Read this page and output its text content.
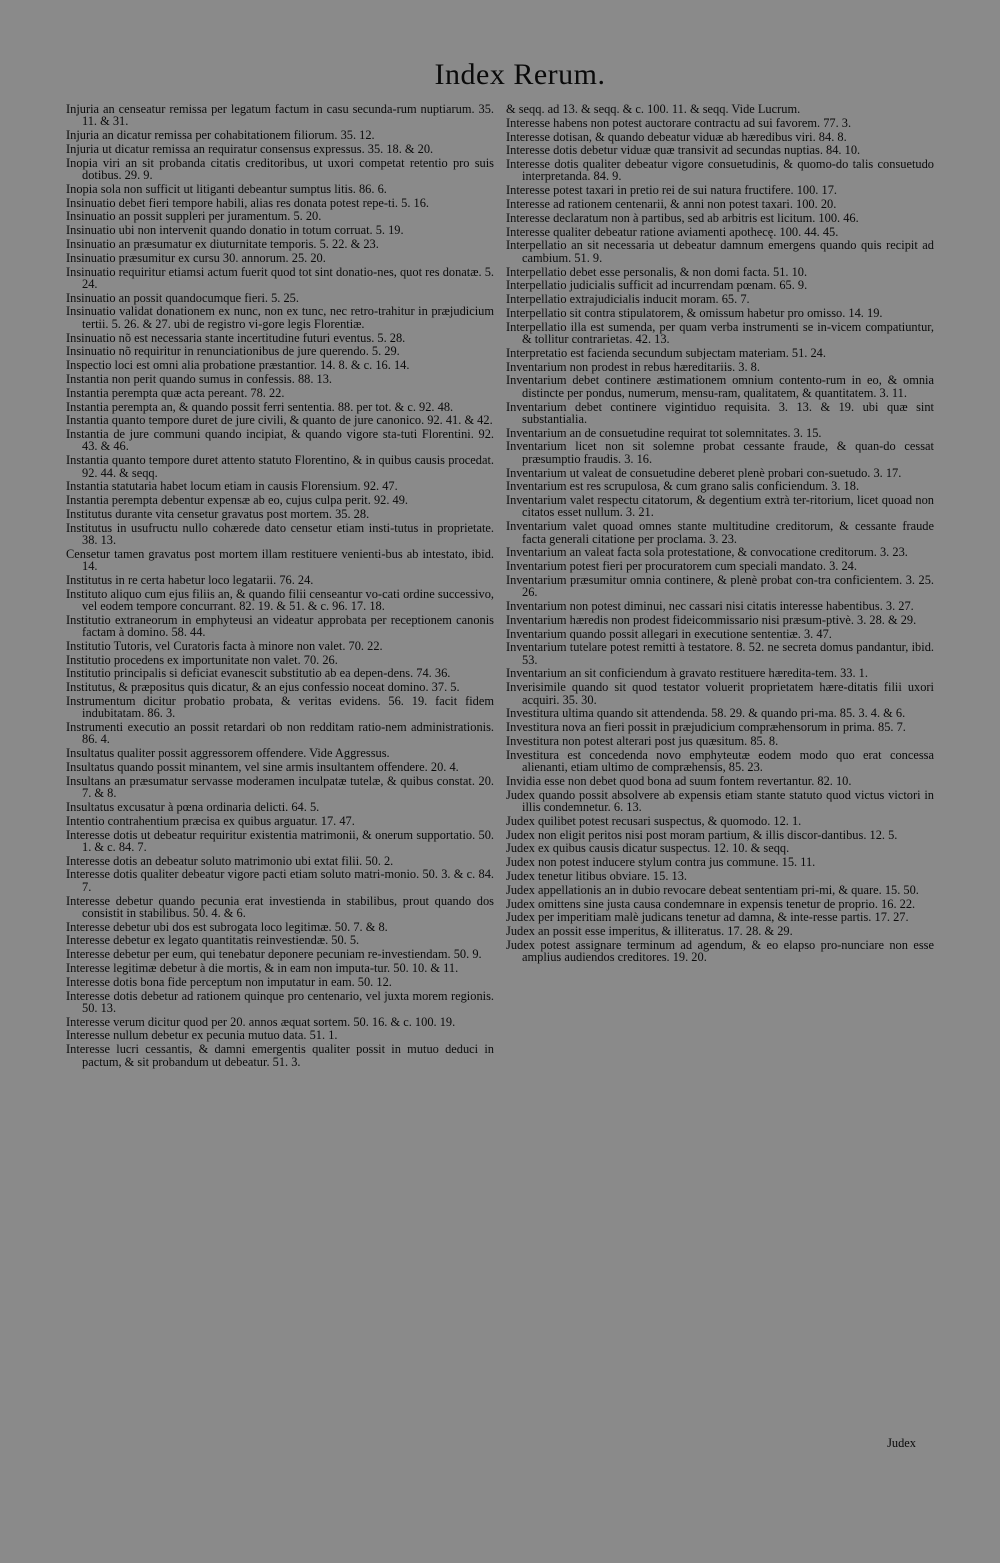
Index Rerum.
Injuria an censeatur remissa per legatum factum in casu secunda-rum nuptiarum. 35. 11. & 31.
Injuria an dicatur remissa per cohabitationem filiorum. 35. 12.
Injuria ut dicatur remissa an requiratur consensus expressus. 35. 18. & 20.
Inopia viri an sit probanda citatis creditoribus, ut uxori competat retentio pro suis dotibus. 29. 9.
Inopia sola non sufficit ut litiganti debeantur sumptus litis. 86. 6.
Insinuatio debet fieri tempore habili, alias res donata potest repe-ti. 5. 16.
Insinuatio an possit suppleri per juramentum. 5. 20.
Insinuatio ubi non intervenit quando donatio in totum corruat. 5. 19.
Insinuatio an præsumatur ex diuturnitate temporis. 5. 22. & 23.
Insinuatio præsumitur ex cursu 30. annorum. 25. 20.
Insinuatio requiritur etiamsi actum fuerit quod tot sint donatio-nes, quot res donatæ. 5. 24.
Insinuatio an possit quandocumque fieri. 5. 25.
Insinuatio validat donationem ex nunc, non ex tunc, nec retro-trahitur in præjudicium tertii. 5. 26. & 27. ubi de registro vi-gore legis Florentiæ.
Insinuatio nõ est necessaria stante incertitudine futuri eventus. 5. 28.
Insinuatio nõ requiritur in renunciationibus de jure querendo. 5. 29.
Inspectio loci est omni alia probatione præstantior. 14. 8. & c. 16. 14.
Instantia non perit quando sumus in confessis. 88. 13.
Instantia perempta quæ acta pereant. 78. 22.
Instantia perempta an, & quando possit ferri sententia. 88. per tot. & c. 92. 48.
Instantia quanto tempore duret de jure civili, & quanto de jure canonico. 92. 41. & 42.
Instantia de jure communi quando incipiat, & quando vigore sta-tuti Florentini. 92. 43. & 46.
Instantia quanto tempore duret attento statuto Florentino, & in quibus causis procedat. 92. 44. & seqq.
Instantia statutaria habet locum etiam in causis Florensium. 92. 47.
Instantia perempta debentur expensæ ab eo, cujus culpa perit. 92. 49.
Institutus durante vita censetur gravatus post mortem. 35. 28.
Institutus in usufructu nullo cohærede dato censetur etiam insti-tutus in proprietate. 38. 13.
Censetur tamen gravatus post mortem illam restituere venienti-bus ab intestato, ibid. 14.
Institutus in re certa habetur loco legatarii. 76. 24.
Instituto aliquo cum ejus filiis an, & quando filii censeantur vo-cati ordine successivo, vel eodem tempore concurrant. 82. 19. & 51. & c. 96. 17. 18.
Institutio extraneorum in emphyteusi an videatur approbata per receptionem canonis factam à domino. 58. 44.
Institutio Tutoris, vel Curatoris facta à minore non valet. 70. 22.
Institutio procedens ex importunitate non valet. 70. 26.
Institutio principalis si deficiat evanescit substitutio ab ea depen-dens. 74. 36.
Institutus, & præpositus quis dicatur, & an ejus confessio noceat domino. 37. 5.
Instrumentum dicitur probatio probata, & veritas evidens. 56. 19. facit fidem indubitatam. 86. 3.
Instrumenti executio an possit retardari ob non redditam ratio-nem administrationis. 86. 4.
Insultatus qualiter possit aggressorem offendere. Vide Aggressus.
Insultatus quando possit minantem, vel sine armis insultantem offendere. 20. 4.
Insultans an præsumatur servasse moderamen inculpatæ tutelæ, & quibus constat. 20. 7. & 8.
Insultatus excusatur à pœna ordinaria delicti. 64. 5.
Intentio contrahentium præcisa ex quibus arguatur. 17. 47.
Interesse dotis ut debeatur requiritur existentia matrimonii, & onerum supportatio. 50. 1. & c. 84. 7.
Interesse dotis an debeatur soluto matrimonio ubi extat filii. 50. 2.
Interesse dotis qualiter debeatur vigore pacti etiam soluto matri-monio. 50. 3. & c. 84. 7.
Interesse debetur quando pecunia erat investienda in stabilibus, prout quando dos consistit in stabilibus. 50. 4. & 6.
Interesse debetur ubi dos est subrogata loco legitimæ. 50. 7. & 8.
Interesse debetur ex legato quantitatis reinvestiendæ. 50. 5.
Interesse debetur per eum, qui tenebatur deponere pecuniam re-investiendam. 50. 9.
Interesse legitimæ debetur à die mortis, & in eam non imputa-tur. 50. 10. & 11.
Interesse dotis bona fide perceptum non imputatur in eam. 50. 12.
Interesse dotis debetur ad rationem quinque pro centenario, vel juxta morem regionis. 50. 13.
Interesse verum dicitur quod per 20. annos æquat sortem. 50. 16. & c. 100. 19.
Interesse nullum debetur ex pecunia mutuo data. 51. 1.
Interesse lucri cessantis, & damni emergentis qualiter possit in mutuo deduci in pactum, & sit probandum ut debeatur. 51. 3.
& seqq. ad 13. & seqq. & c. 100. 11. & seqq. Vide Lucrum.
Interesse habens non potest auctorare contractu ad sui favorem. 77. 3.
Interesse dotisan, & quando debeatur viduæ ab hæredibus viri. 84. 8.
Interesse dotis debetur viduæ quæ transivit ad secundas nuptias. 84. 10.
Interesse dotis qualiter debeatur vigore consuetudinis, & quomo-do talis consuetudo interpretanda. 84. 9.
Interesse potest taxari in pretio rei de sui natura fructifere. 100. 17.
Interesse ad rationem centenarii, & anni non potest taxari. 100. 20.
Interesse declaratum non à partibus, sed ab arbitris est licitum. 100. 46.
Interesse qualiter debeatur ratione aviamenti apothecę. 100. 44. 45.
Interpellatio an sit necessaria ut debeatur damnum emergens quando quis recipit ad cambium. 51. 9.
Interpellatio debet esse personalis, & non domi facta. 51. 10.
Interpellatio judicialis sufficit ad incurrendam pœnam. 65. 9.
Interpellatio extrajudicialis inducit moram. 65. 7.
Interpellatio sit contra stipulatorem, & omissum habetur pro omisso. 14. 19.
Interpellatio illa est sumenda, per quam verba instrumenti se in-vicem compatiuntur, & tollitur contrarietas. 42. 13.
Interpretatio est facienda secundum subjectam materiam. 51. 24.
Inventarium non prodest in rebus hæreditariis. 3. 8.
Inventarium debet continere æstimationem omnium contento-rum in eo, & omnia distincte per pondus, numerum, mensu-ram, qualitatem, & quantitatem. 3. 11.
Inventarium debet continere vigintiduo requisita. 3. 13. & 19. ubi quæ sint substantialia.
Inventarium an de consuetudine requirat tot solemnitates. 3. 15.
Inventarium licet non sit solemne probat cessante fraude, & quan-do cessat præsumptio fraudis. 3. 16.
Inventarium ut valeat de consuetudine deberet plenè probari con-suetudo. 3. 17.
Inventarium est res scrupulosa, & cum grano salis conficiendum. 3. 18.
Inventarium valet respectu citatorum, & degentium extrà ter-ritorium, licet quoad non citatos esset nullum. 3. 21.
Inventarium valet quoad omnes stante multitudine creditorum, & cessante fraude facta generali citatione per proclama. 3. 23.
Inventarium an valeat facta sola protestatione, & convocatione creditorum. 3. 23.
Inventarium potest fieri per procuratorem cum speciali mandato. 3. 24.
Inventarium præsumitur omnia continere, & plenè probat con-tra conficientem. 3. 25. 26.
Inventarium non potest diminui, nec cassari nisi citatis interesse habentibus. 3. 27.
Inventarium hæredis non prodest fideicommissario nisi præsum-ptivè. 3. 28. & 29.
Inventarium quando possit allegari in executione sententiæ. 3. 47.
Inventarium tutelare potest remitti à testatore. 8. 52. ne secreta domus pandantur, ibid. 53.
Inventarium an sit conficiendum à gravato restituere hæredita-tem. 33. 1.
Inverisimile quando sit quod testator voluerit proprietatem hære-ditatis filii uxori acquiri. 35. 30.
Investitura ultima quando sit attendenda. 58. 29. & quando pri-ma. 85. 3. 4. & 6.
Investitura nova an fieri possit in præjudicium compræhensorum in prima. 85. 7.
Investitura non potest alterari post jus quæsitum. 85. 8.
Investitura est concedenda novo emphyteutæ eodem modo quo erat concessa alienanti, etiam ultimo de compræhensis, 85. 23.
Invidia esse non debet quod bona ad suum fontem revertantur. 82. 10.
Judex quando possit absolvere ab expensis etiam stante statuto quod victus victori in illis condemnetur. 6. 13.
Judex quilibet potest recusari suspectus, & quomodo. 12. 1.
Judex non eligit peritos nisi post moram partium, & illis discor-dantibus. 12. 5.
Judex ex quibus causis dicatur suspectus. 12. 10. & seqq.
Judex non potest inducere stylum contra jus commune. 15. 11.
Judex tenetur litibus obviare. 15. 13.
Judex appellationis an in dubio revocare debeat sententiam pri-mi, & quare. 15. 50.
Judex omittens sine justa causa condemnare in expensis tenetur de proprio. 16. 22.
Judex per imperitiam malè judicans tenetur ad damna, & inte-resse partis. 17. 27.
Judex an possit esse imperitus, & illiteratus. 17. 28. & 29.
Judex potest assignare terminum ad agendum, & eo elapso pro-nunciare non esse amplius audiendos creditores. 19. 20.
Judex
